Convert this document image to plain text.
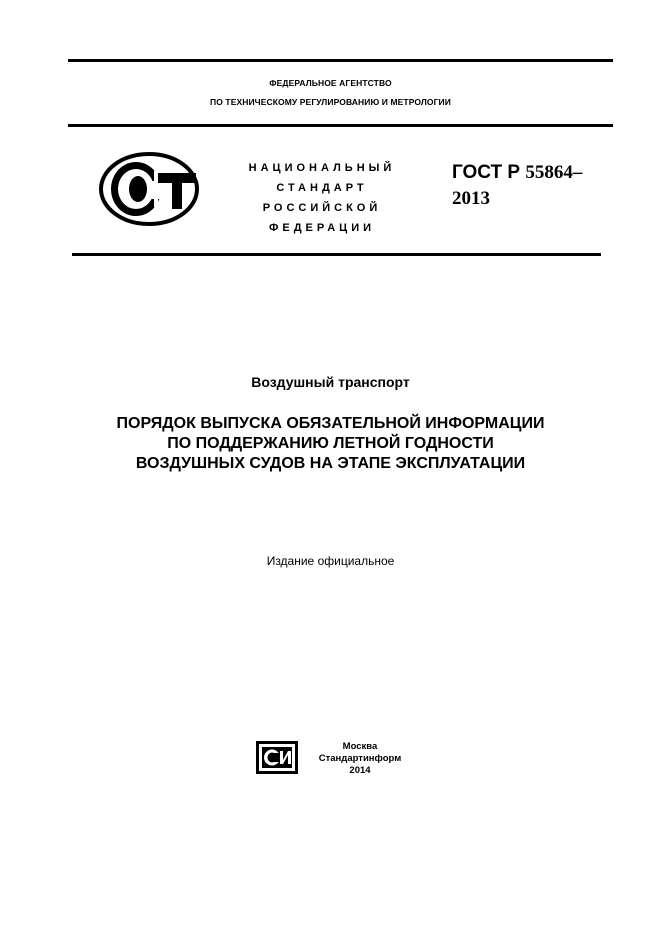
ФЕДЕРАЛЬНОЕ АГЕНТСТВО
ПО ТЕХНИЧЕСКОМУ РЕГУЛИРОВАНИЮ И МЕТРОЛОГИИ
РСТ
НАЦИОНАЛЬНЫЙ
СТАНДАРТ
РОССИЙСКОЙ
ФЕДЕРАЦИИ
ГОСТ Р 55864–
2013
Воздушный транспорт
ПОРЯДОК ВЫПУСКА ОБЯЗАТЕЛЬНОЙ ИНФОРМАЦИИ
ПО ПОДДЕРЖАНИЮ ЛЕТНОЙ ГОДНОСТИ
ВОЗДУШНЫХ СУДОВ НА ЭТАПЕ ЭКСПЛУАТАЦИИ
Издание официальное
Москва
Стандартинформ
2014
